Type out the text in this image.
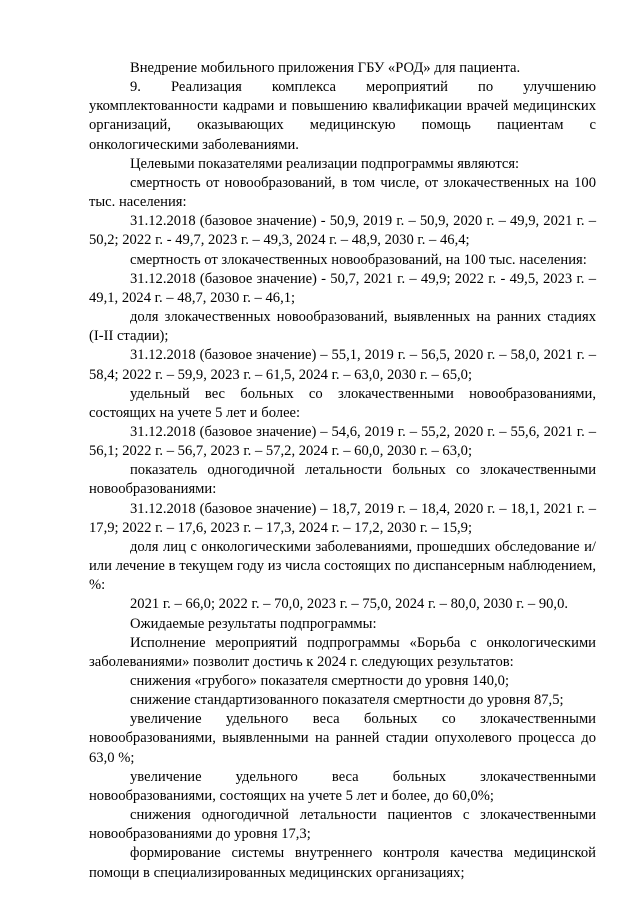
Внедрение мобильного приложения ГБУ «РОД» для пациента.

9. Реализация комплекса мероприятий по улучшению укомплектованности кадрами и повышению квалификации врачей медицинских организаций, оказывающих медицинскую помощь пациентам с онкологическими заболеваниями.

Целевыми показателями реализации подпрограммы являются:

смертность от новообразований, в том числе, от злокачественных на 100 тыс. населения:

31.12.2018 (базовое значение) - 50,9, 2019 г. – 50,9, 2020 г. – 49,9, 2021 г. – 50,2; 2022 г. - 49,7, 2023 г. – 49,3, 2024 г. – 48,9, 2030 г. – 46,4;

смертность от злокачественных новообразований, на 100 тыс. населения:

31.12.2018 (базовое значение) - 50,7, 2021 г. – 49,9; 2022 г. - 49,5, 2023 г. – 49,1, 2024 г. – 48,7, 2030 г. – 46,1;

доля злокачественных новообразований, выявленных на ранних стадиях (I-II стадии);

31.12.2018 (базовое значение) – 55,1, 2019 г. – 56,5, 2020 г. – 58,0, 2021 г. – 58,4; 2022 г. – 59,9, 2023 г. – 61,5, 2024 г. – 63,0, 2030 г. – 65,0;

удельный вес больных со злокачественными новообразованиями, состоящих на учете 5 лет и более:

31.12.2018 (базовое значение) – 54,6, 2019 г. – 55,2, 2020 г. – 55,6, 2021 г. – 56,1; 2022 г. – 56,7, 2023 г. – 57,2, 2024 г. – 60,0, 2030 г. – 63,0;

показатель одногодичной летальности больных со злокачественными новообразованиями:

31.12.2018 (базовое значение) – 18,7, 2019 г. – 18,4, 2020 г. – 18,1, 2021 г. – 17,9; 2022 г. – 17,6, 2023 г. – 17,3, 2024 г. – 17,2, 2030 г. – 15,9;

доля лиц с онкологическими заболеваниями, прошедших обследование и/или лечение в текущем году из числа состоящих по диспансерным наблюдением, %:

2021 г. – 66,0; 2022 г. – 70,0, 2023 г. – 75,0, 2024 г. – 80,0, 2030 г. – 90,0.

Ожидаемые результаты подпрограммы:

Исполнение мероприятий подпрограммы «Борьба с онкологическими заболеваниями» позволит достичь к 2024 г. следующих результатов:

снижения «грубого» показателя смертности до уровня 140,0;

снижение стандартизованного показателя смертности до уровня 87,5;

увеличение удельного веса больных со злокачественными новообразованиями, выявленными на ранней стадии опухолевого процесса до 63,0 %;

увеличение удельного веса больных злокачественными новообразованиями, состоящих на учете 5 лет и более, до 60,0%;

снижения одногодичной летальности пациентов с злокачественными новообразованиями до уровня 17,3;

формирование системы внутреннего контроля качества медицинской помощи в специализированных медицинских организациях;
